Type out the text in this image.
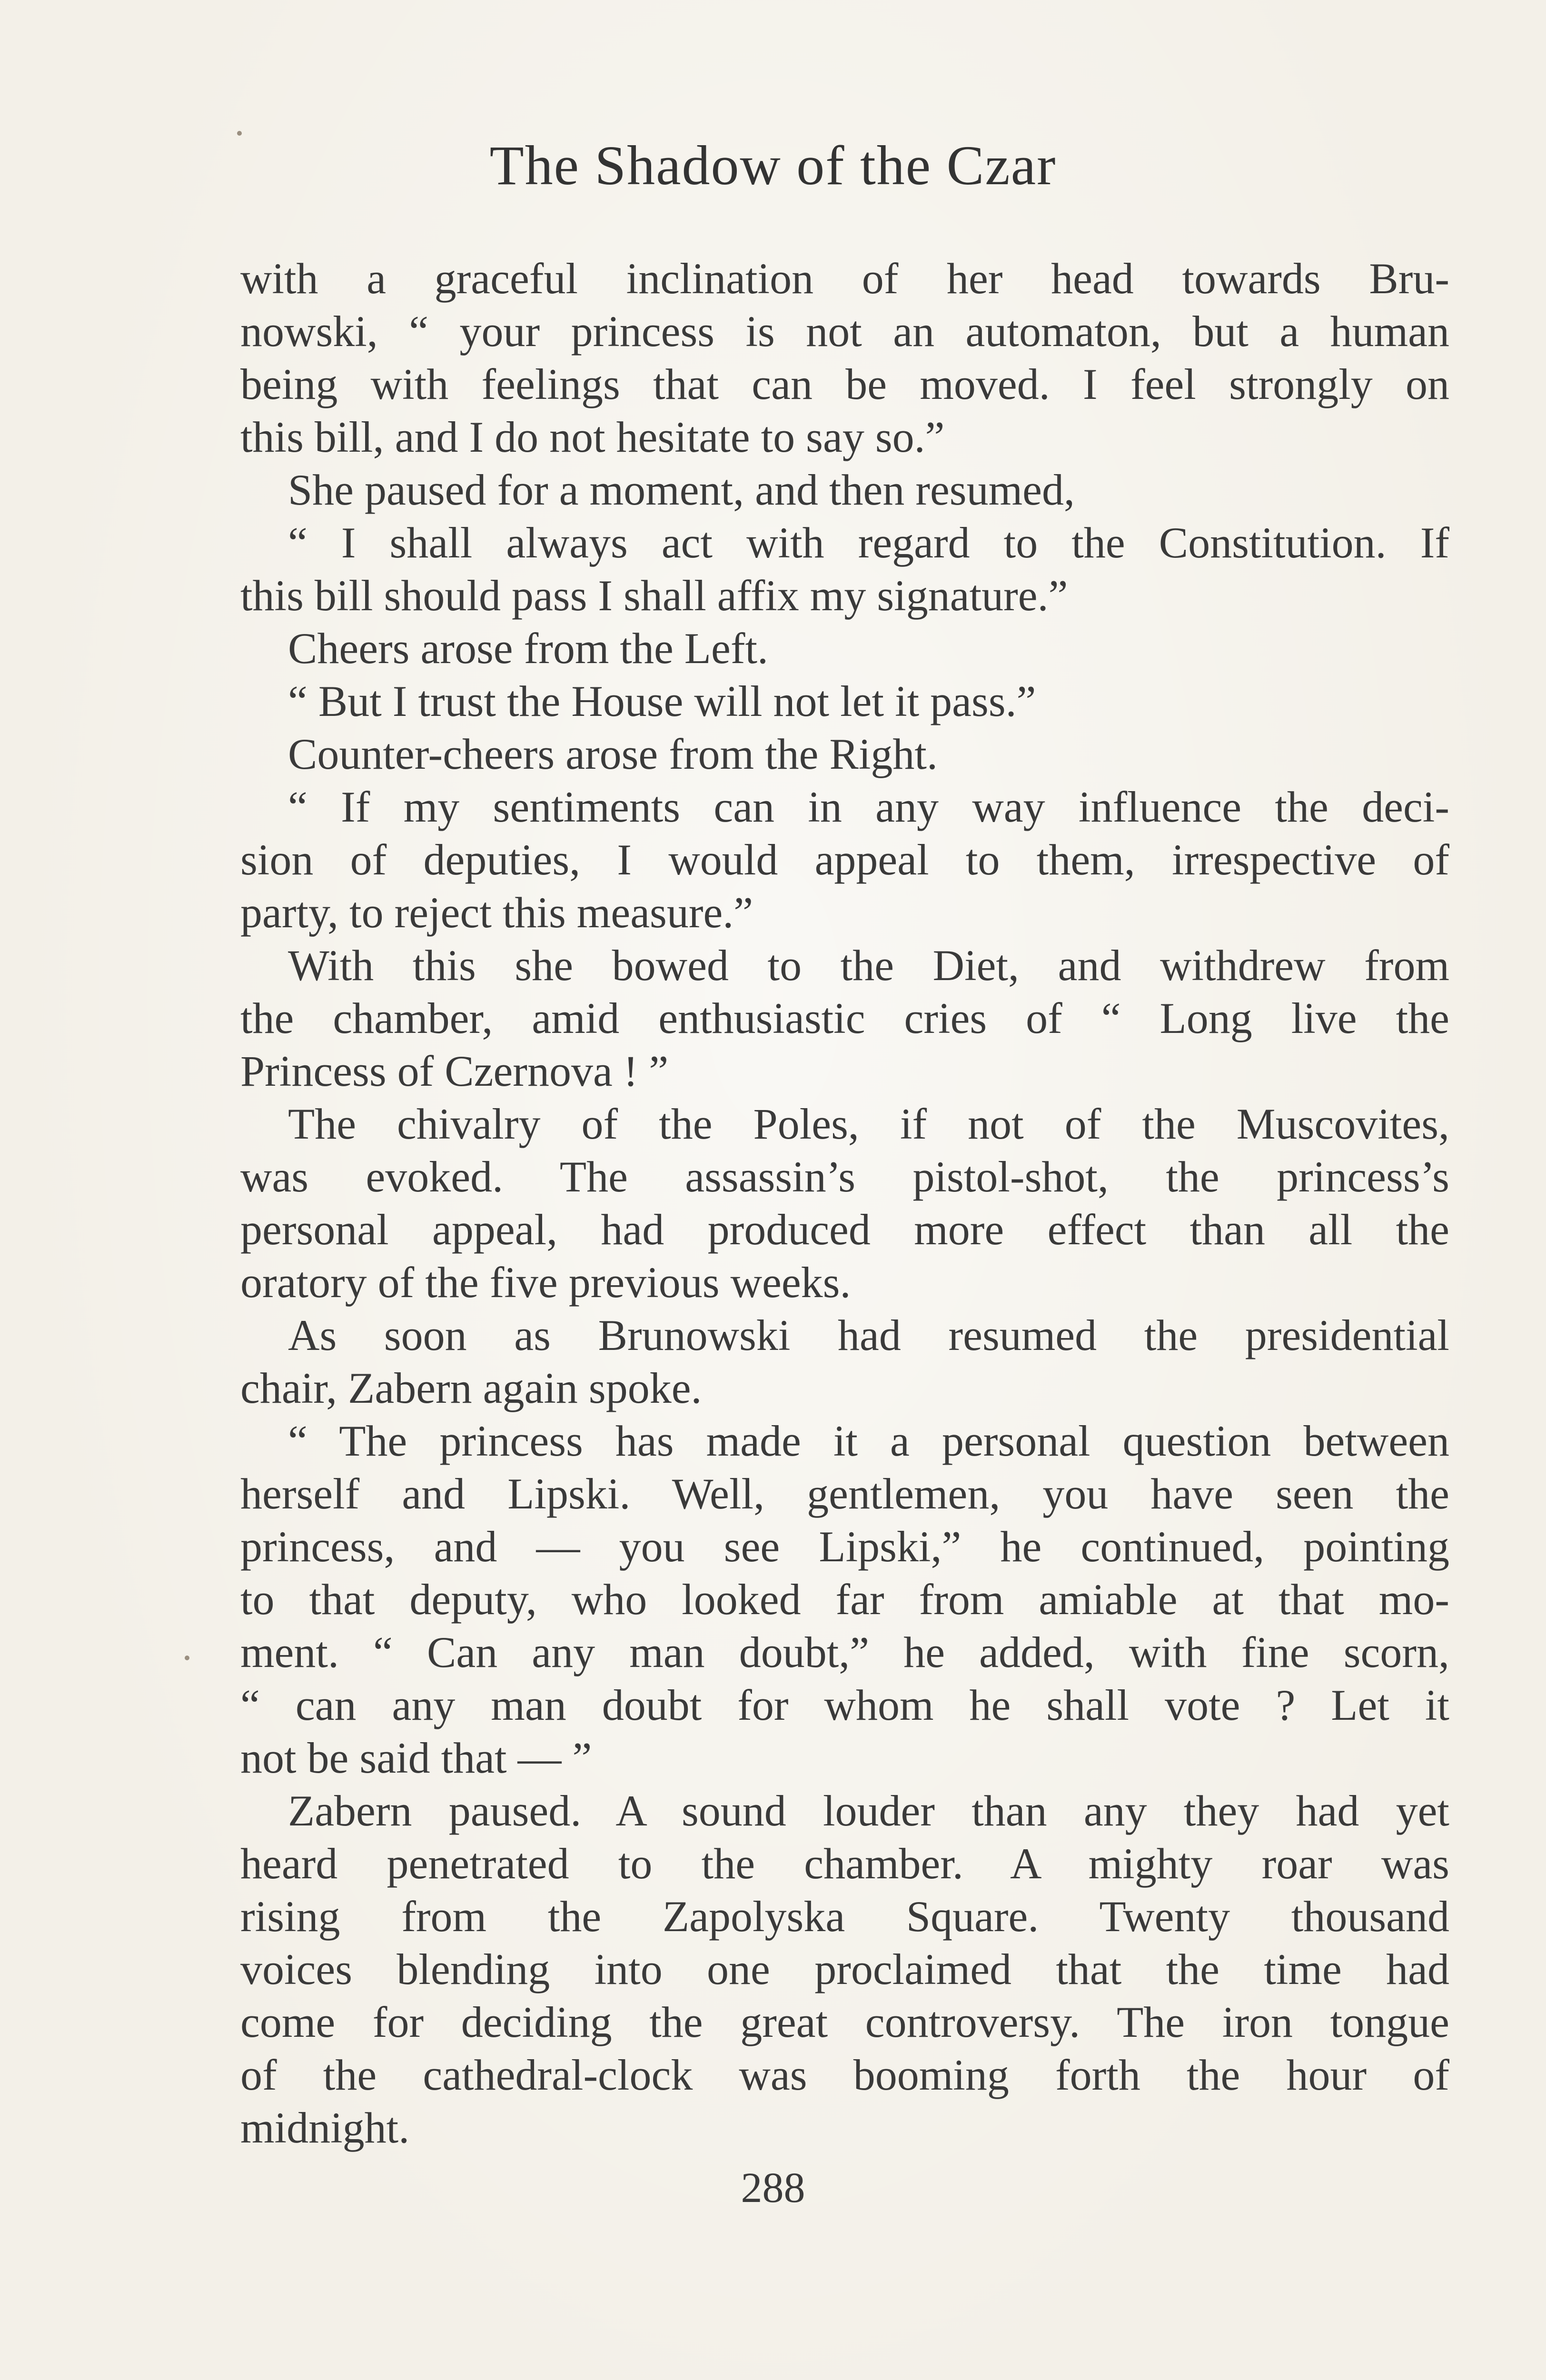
The Shadow of the Czar
with a graceful inclination of her head towards Bru-
nowski, “ your princess is not an automaton, but a human
being with feelings that can be moved. I feel strongly on
this bill, and I do not hesitate to say so.”
She paused for a moment, and then resumed,
“ I shall always act with regard to the Constitution. If
this bill should pass I shall affix my signature.”
Cheers arose from the Left.
“ But I trust the House will not let it pass.”
Counter-cheers arose from the Right.
“ If my sentiments can in any way influence the deci-
sion of deputies, I would appeal to them, irrespective of
party, to reject this measure.”
With this she bowed to the Diet, and withdrew from
the chamber, amid enthusiastic cries of “ Long live the
Princess of Czernova ! ”
The chivalry of the Poles, if not of the Muscovites,
was evoked. The assassin’s pistol-shot, the princess’s
personal appeal, had produced more effect than all the
oratory of the five previous weeks.
As soon as Brunowski had resumed the presidential
chair, Zabern again spoke.
“ The princess has made it a personal question between
herself and Lipski. Well, gentlemen, you have seen the
princess, and — you see Lipski,” he continued, pointing
to that deputy, who looked far from amiable at that mo-
ment. “ Can any man doubt,” he added, with fine scorn,
“ can any man doubt for whom he shall vote ? Let it
not be said that — ”
Zabern paused. A sound louder than any they had yet
heard penetrated to the chamber. A mighty roar was
rising from the Zapolyska Square. Twenty thousand
voices blending into one proclaimed that the time had
come for deciding the great controversy. The iron tongue
of the cathedral-clock was booming forth the hour of
midnight.
288
